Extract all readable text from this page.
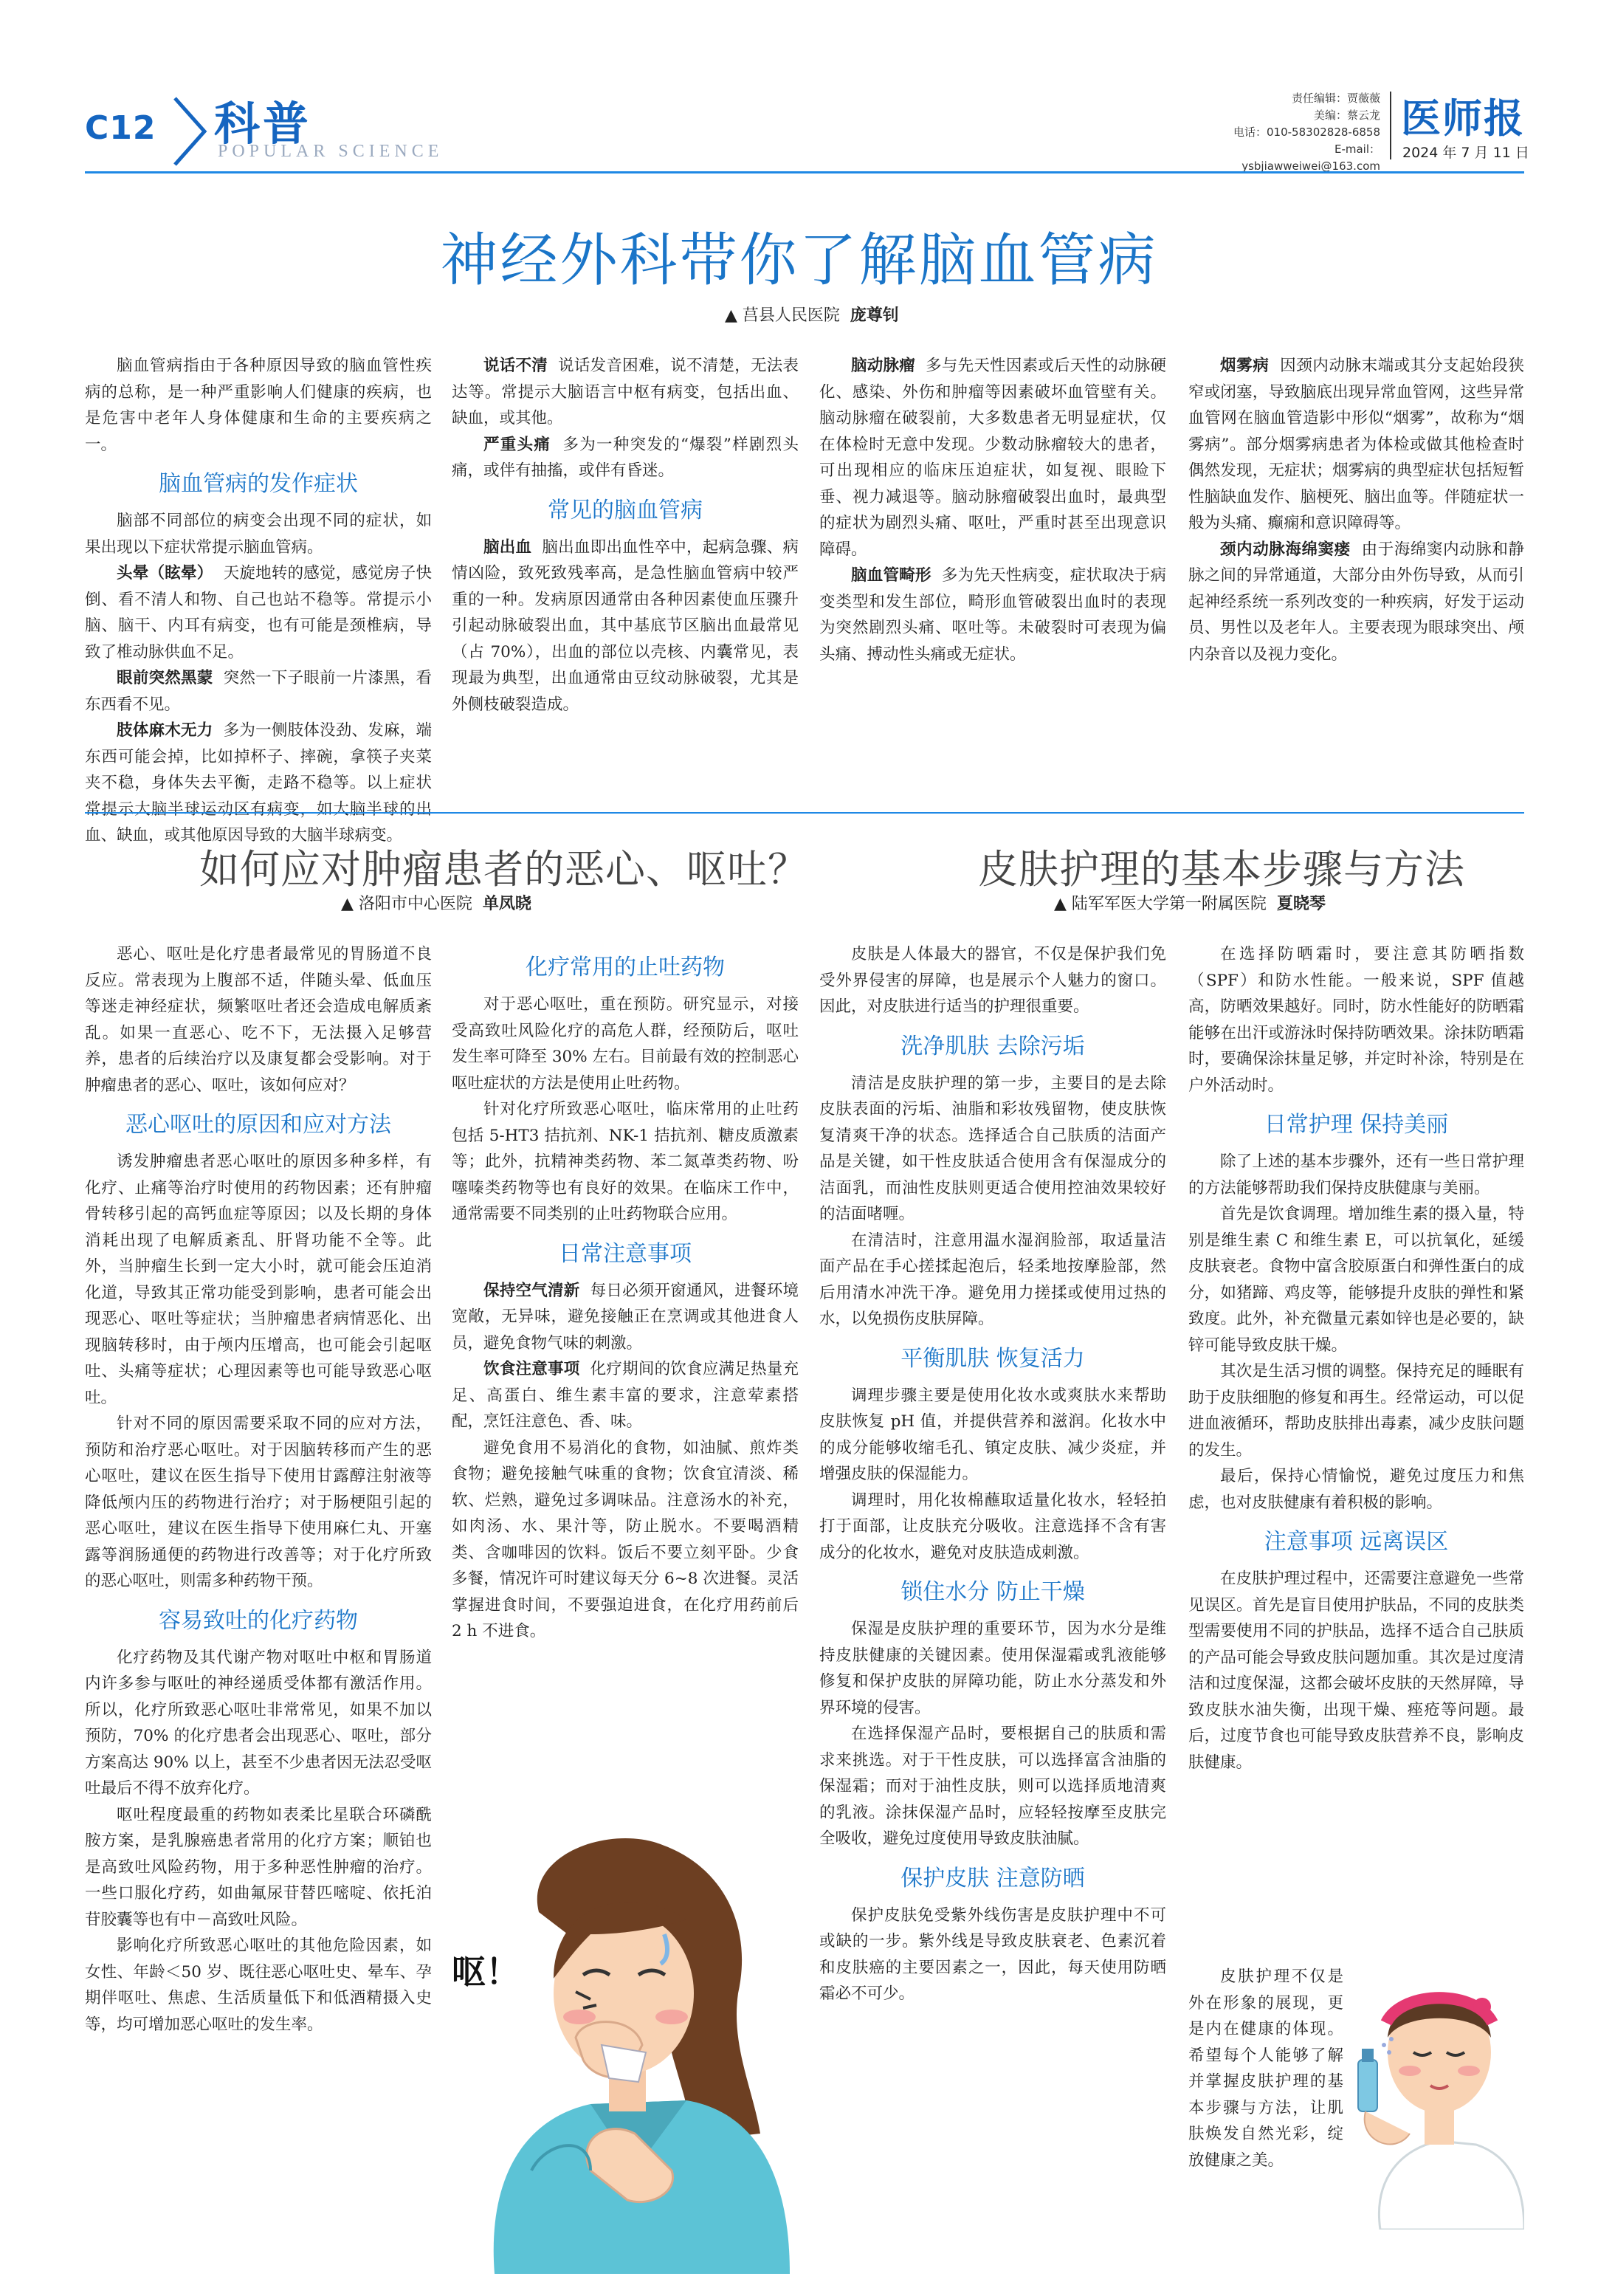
C12 科普
POPULAR SCIENCE
责任编辑：贾薇薇
美编：蔡云龙
电话：010-58302828-6858
E-mail：ysbjiawweiwei@163.com
医师报
2024 年 7 月 11 日
神经外科带你了解脑血管病
▲ 莒县人民医院 庞尊钊

脑血管病指由于各种原因导致的脑血管性疾病的总称，是一种严重影响人们健康的疾病，也是危害中老年人身体健康和生命的主要疾病之一。

脑血管病的发作症状

脑部不同部位的病变会出现不同的症状，如果出现以下症状常提示脑血管病。

头晕（眩晕） 天旋地转的感觉，感觉房子快倒、看不清人和物、自己也站不稳等。常提示小脑、脑干、内耳有病变，也有可能是颈椎病，导致了椎动脉供血不足。

眼前突然黑蒙 突然一下子眼前一片漆黑，看东西看不见。

肢体麻木无力 多为一侧肢体没劲、发麻，端东西可能会掉，比如掉杯子、摔碗，拿筷子夹菜夹不稳，身体失去平衡，走路不稳等。以上症状常提示大脑半球运动区有病变，如大脑半球的出血、缺血，或其他原因导致的大脑半球病变。

说话不清 说话发音困难，说不清楚，无法表达等。常提示大脑语言中枢有病变，包括出血、缺血，或其他。

严重头痛 多为一种突发的“爆裂”样剧烈头痛，或伴有抽搐，或伴有昏迷。

常见的脑血管病

脑出血 脑出血即出血性卒中，起病急骤、病情凶险，致死致残率高，是急性脑血管病中较严重的一种。发病原因通常由各种因素使血压骤升引起动脉破裂出血，其中基底节区脑出血最常见（占 70%），出血的部位以壳核、内囊常见，表现最为典型，出血通常由豆纹动脉破裂，尤其是外侧枝破裂造成。

脑动脉瘤 多与先天性因素或后天性的动脉硬化、感染、外伤和肿瘤等因素破坏血管壁有关。脑动脉瘤在破裂前，大多数患者无明显症状，仅在体检时无意中发现。少数动脉瘤较大的患者，可出现相应的临床压迫症状，如复视、眼睑下垂、视力减退等。脑动脉瘤破裂出血时，最典型的症状为剧烈头痛、呕吐，严重时甚至出现意识障碍。

脑血管畸形 多为先天性病变，症状取决于病变类型和发生部位，畸形血管破裂出血时的表现为突然剧烈头痛、呕吐等。未破裂时可表现为偏头痛、搏动性头痛或无症状。

烟雾病 因颈内动脉末端或其分支起始段狭窄或闭塞，导致脑底出现异常血管网，这些异常血管网在脑血管造影中形似“烟雾”，故称为“烟雾病”。部分烟雾病患者为体检或做其他检查时偶然发现，无症状；烟雾病的典型症状包括短暂性脑缺血发作、脑梗死、脑出血等。伴随症状一般为头痛、癫痫和意识障碍等。

颈内动脉海绵窦瘘 由于海绵窦内动脉和静脉之间的异常通道，大部分由外伤导致，从而引起神经系统一系列改变的一种疾病，好发于运动员、男性以及老年人。主要表现为眼球突出、颅内杂音以及视力变化。

如何应对肿瘤患者的恶心、呕吐？
▲ 洛阳市中心医院 单凤晓

恶心、呕吐是化疗患者最常见的胃肠道不良反应。常表现为上腹部不适，伴随头晕、低血压等迷走神经症状，频繁呕吐者还会造成电解质紊乱。如果一直恶心、吃不下，无法摄入足够营养，患者的后续治疗以及康复都会受影响。对于肿瘤患者的恶心、呕吐，该如何应对？

恶心呕吐的原因和应对方法

诱发肿瘤患者恶心呕吐的原因多种多样，有化疗、止痛等治疗时使用的药物因素；还有肿瘤骨转移引起的高钙血症等原因；以及长期的身体消耗出现了电解质紊乱、肝肾功能不全等。此外，当肿瘤生长到一定大小时，就可能会压迫消化道，导致其正常功能受到影响，患者可能会出现恶心、呕吐等症状；当肿瘤患者病情恶化、出现脑转移时，由于颅内压增高，也可能会引起呕吐、头痛等症状；心理因素等也可能导致恶心呕吐。

针对不同的原因需要采取不同的应对方法，预防和治疗恶心呕吐。对于因脑转移而产生的恶心呕吐，建议在医生指导下使用甘露醇注射液等降低颅内压的药物进行治疗；对于肠梗阻引起的恶心呕吐，建议在医生指导下使用麻仁丸、开塞露等润肠通便的药物进行改善等；对于化疗所致的恶心呕吐，则需多种药物干预。

容易致吐的化疗药物

化疗药物及其代谢产物对呕吐中枢和胃肠道内许多参与呕吐的神经递质受体都有激活作用。所以，化疗所致恶心呕吐非常常见，如果不加以预防，70% 的化疗患者会出现恶心、呕吐，部分方案高达 90% 以上，甚至不少患者因无法忍受呕吐最后不得不放弃化疗。

呕吐程度最重的药物如表柔比星联合环磷酰胺方案，是乳腺癌患者常用的化疗方案；顺铂也是高致吐风险药物，用于多种恶性肿瘤的治疗。一些口服化疗药，如曲氟尿苷替匹嘧啶、依托泊苷胶囊等也有中－高致吐风险。

影响化疗所致恶心呕吐的其他危险因素，如女性、年龄＜50 岁、既往恶心呕吐史、晕车、孕期伴呕吐、焦虑、生活质量低下和低酒精摄入史等，均可增加恶心呕吐的发生率。

化疗常用的止吐药物

对于恶心呕吐，重在预防。研究显示，对接受高致吐风险化疗的高危人群，经预防后，呕吐发生率可降至 30% 左右。目前最有效的控制恶心呕吐症状的方法是使用止吐药物。

针对化疗所致恶心呕吐，临床常用的止吐药包括 5-HT3 拮抗剂、NK-1 拮抗剂、糖皮质激素等；此外，抗精神类药物、苯二氮䓬类药物、吩噻嗪类药物等也有良好的效果。在临床工作中，通常需要不同类别的止吐药物联合应用。

日常注意事项

保持空气清新 每日必须开窗通风，进餐环境宽敞，无异味，避免接触正在烹调或其他进食人员，避免食物气味的刺激。

饮食注意事项 化疗期间的饮食应满足热量充足、高蛋白、维生素丰富的要求，注意荤素搭配，烹饪注意色、香、味。

避免食用不易消化的食物，如油腻、煎炸类食物；避免接触气味重的食物；饮食宜清淡、稀软、烂熟，避免过多调味品。注意汤水的补充，如肉汤、水、果汁等，防止脱水。不要喝酒精类、含咖啡因的饮料。饭后不要立刻平卧。少食多餐，情况许可时建议每天分 6~8 次进餐。灵活掌握进食时间，不要强迫进食，在化疗用药前后 2 h 不进食。

呕！
皮肤护理的基本步骤与方法
▲ 陆军军医大学第一附属医院 夏晓琴

皮肤是人体最大的器官，不仅是保护我们免受外界侵害的屏障，也是展示个人魅力的窗口。因此，对皮肤进行适当的护理很重要。

洗净肌肤 去除污垢

清洁是皮肤护理的第一步，主要目的是去除皮肤表面的污垢、油脂和彩妆残留物，使皮肤恢复清爽干净的状态。选择适合自己肤质的洁面产品是关键，如干性皮肤适合使用含有保湿成分的洁面乳，而油性皮肤则更适合使用控油效果较好的洁面啫喱。

在清洁时，注意用温水湿润脸部，取适量洁面产品在手心搓揉起泡后，轻柔地按摩脸部，然后用清水冲洗干净。避免用力搓揉或使用过热的水，以免损伤皮肤屏障。

平衡肌肤 恢复活力

调理步骤主要是使用化妆水或爽肤水来帮助皮肤恢复 pH 值，并提供营养和滋润。化妆水中的成分能够收缩毛孔、镇定皮肤、减少炎症，并增强皮肤的保湿能力。

调理时，用化妆棉蘸取适量化妆水，轻轻拍打于面部，让皮肤充分吸收。注意选择不含有害成分的化妆水，避免对皮肤造成刺激。

锁住水分 防止干燥

保湿是皮肤护理的重要环节，因为水分是维持皮肤健康的关键因素。使用保湿霜或乳液能够修复和保护皮肤的屏障功能，防止水分蒸发和外界环境的侵害。

在选择保湿产品时，要根据自己的肤质和需求来挑选。对于干性皮肤，可以选择富含油脂的保湿霜；而对于油性皮肤，则可以选择质地清爽的乳液。涂抹保湿产品时，应轻轻按摩至皮肤完全吸收，避免过度使用导致皮肤油腻。

保护皮肤 注意防晒

保护皮肤免受紫外线伤害是皮肤护理中不可或缺的一步。紫外线是导致皮肤衰老、色素沉着和皮肤癌的主要因素之一，因此，每天使用防晒霜必不可少。

在选择防晒霜时，要注意其防晒指数（SPF）和防水性能。一般来说，SPF 值越高，防晒效果越好。同时，防水性能好的防晒霜能够在出汗或游泳时保持防晒效果。涂抹防晒霜时，要确保涂抹量足够，并定时补涂，特别是在户外活动时。

日常护理 保持美丽

除了上述的基本步骤外，还有一些日常护理的方法能够帮助我们保持皮肤健康与美丽。

首先是饮食调理。增加维生素的摄入量，特别是维生素 C 和维生素 E，可以抗氧化，延缓皮肤衰老。食物中富含胶原蛋白和弹性蛋白的成分，如猪蹄、鸡皮等，能够提升皮肤的弹性和紧致度。此外，补充微量元素如锌也是必要的，缺锌可能导致皮肤干燥。

其次是生活习惯的调整。保持充足的睡眠有助于皮肤细胞的修复和再生。经常运动，可以促进血液循环，帮助皮肤排出毒素，减少皮肤问题的发生。

最后，保持心情愉悦，避免过度压力和焦虑，也对皮肤健康有着积极的影响。

注意事项 远离误区

在皮肤护理过程中，还需要注意避免一些常见误区。首先是盲目使用护肤品，不同的皮肤类型需要使用不同的护肤品，选择不适合自己肤质的产品可能会导致皮肤问题加重。其次是过度清洁和过度保湿，这都会破坏皮肤的天然屏障，导致皮肤水油失衡，出现干燥、痤疮等问题。最后，过度节食也可能导致皮肤营养不良，影响皮肤健康。

皮肤护理不仅是外在形象的展现，更是内在健康的体现。希望每个人能够了解并掌握皮肤护理的基本步骤与方法，让肌肤焕发自然光彩，绽放健康之美。
